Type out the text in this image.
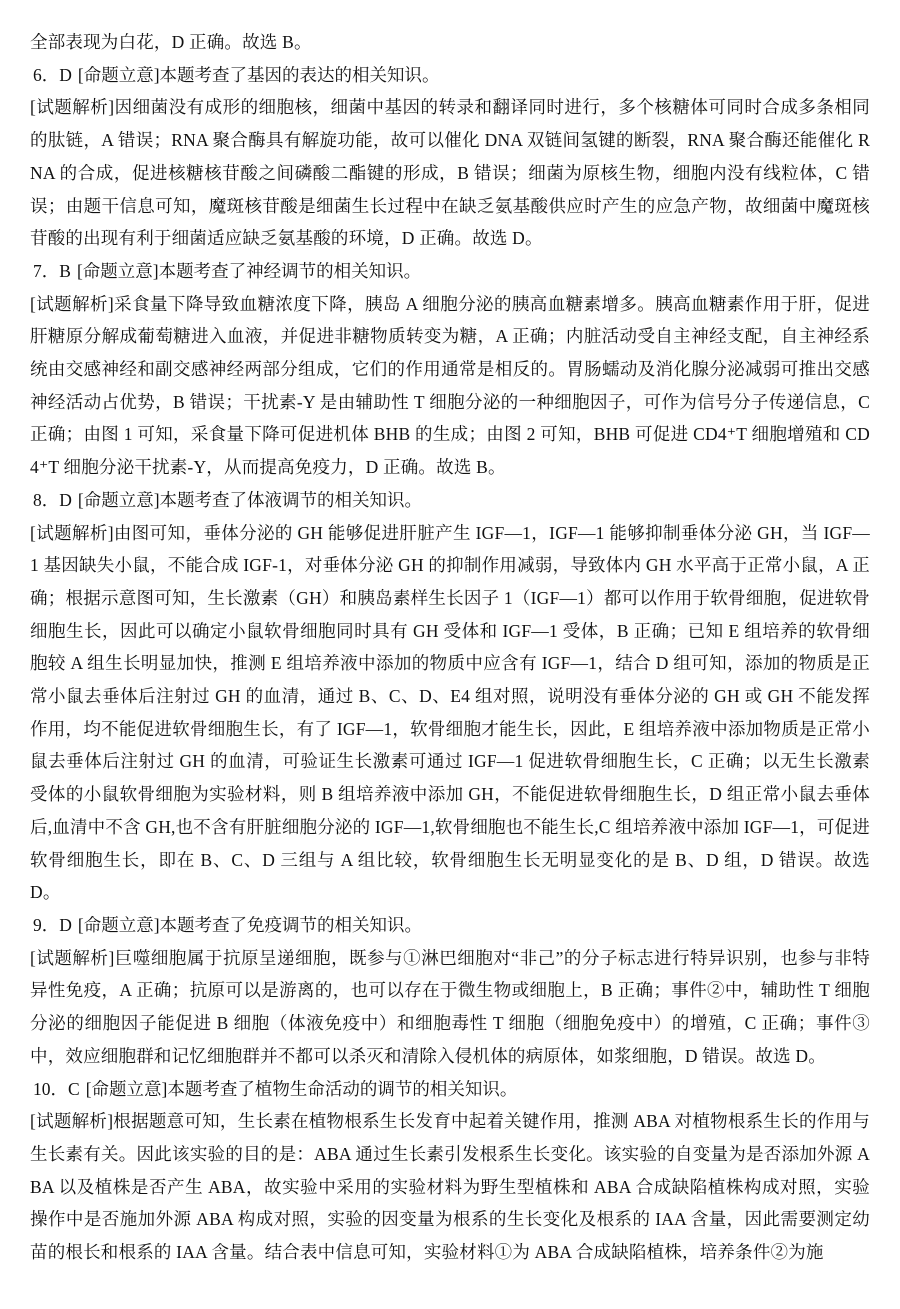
全部表现为白花，D 正确。故选 B。

6．D [命题立意]本题考查了基因的表达的相关知识。

[试题解析]因细菌没有成形的细胞核，细菌中基因的转录和翻译同时进行，多个核糖体可同时合成多条相同的肽链，A 错误；RNA 聚合酶具有解旋功能，故可以催化 DNA 双链间氢键的断裂，RNA 聚合酶还能催化 RNA 的合成，促进核糖核苷酸之间磷酸二酯键的形成，B 错误；细菌为原核生物，细胞内没有线粒体，C 错误；由题干信息可知，魔斑核苷酸是细菌生长过程中在缺乏氨基酸供应时产生的应急产物，故细菌中魔斑核苷酸的出现有利于细菌适应缺乏氨基酸的环境，D 正确。故选 D。

7．B [命题立意]本题考查了神经调节的相关知识。

[试题解析]采食量下降导致血糖浓度下降，胰岛 A 细胞分泌的胰高血糖素增多。胰高血糖素作用于肝，促进肝糖原分解成葡萄糖进入血液，并促进非糖物质转变为糖，A 正确；内脏活动受自主神经支配，自主神经系统由交感神经和副交感神经两部分组成，它们的作用通常是相反的。胃肠蠕动及消化腺分泌减弱可推出交感神经活动占优势，B 错误；干扰素-Y 是由辅助性 T 细胞分泌的一种细胞因子，可作为信号分子传递信息，C 正确；由图 1 可知，采食量下降可促进机体 BHB 的生成；由图 2 可知，BHB 可促进 CD4⁺T 细胞增殖和 CD4⁺T 细胞分泌干扰素-Y，从而提高免疫力，D 正确。故选 B。

8．D [命题立意]本题考查了体液调节的相关知识。

[试题解析]由图可知，垂体分泌的 GH 能够促进肝脏产生 IGF—1，IGF—1 能够抑制垂体分泌 GH，当 IGF—1 基因缺失小鼠，不能合成 IGF-1，对垂体分泌 GH 的抑制作用减弱，导致体内 GH 水平高于正常小鼠，A 正确；根据示意图可知，生长激素（GH）和胰岛素样生长因子 1（IGF—1）都可以作用于软骨细胞，促进软骨细胞生长，因此可以确定小鼠软骨细胞同时具有 GH 受体和 IGF—1 受体，B 正确；已知 E 组培养的软骨细胞较 A 组生长明显加快，推测 E 组培养液中添加的物质中应含有 IGF—1，结合 D 组可知，添加的物质是正常小鼠去垂体后注射过 GH 的血清，通过 B、C、D、E4 组对照，说明没有垂体分泌的 GH 或 GH 不能发挥作用，均不能促进软骨细胞生长，有了 IGF—1，软骨细胞才能生长，因此，E 组培养液中添加物质是正常小鼠去垂体后注射过 GH 的血清，可验证生长激素可通过 IGF—1 促进软骨细胞生长，C 正确；以无生长激素受体的小鼠软骨细胞为实验材料，则 B 组培养液中添加 GH，不能促进软骨细胞生长，D 组正常小鼠去垂体后,血清中不含 GH,也不含有肝脏细胞分泌的 IGF—1,软骨细胞也不能生长,C 组培养液中添加 IGF—1，可促进软骨细胞生长，即在 B、C、D 三组与 A 组比较，软骨细胞生长无明显变化的是 B、D 组，D 错误。故选 D。

9．D [命题立意]本题考查了免疫调节的相关知识。

[试题解析]巨噬细胞属于抗原呈递细胞，既参与①淋巴细胞对“非己”的分子标志进行特异识别，也参与非特异性免疫，A 正确；抗原可以是游离的，也可以存在于微生物或细胞上，B 正确；事件②中，辅助性 T 细胞分泌的细胞因子能促进 B 细胞（体液免疫中）和细胞毒性 T 细胞（细胞免疫中）的增殖，C 正确；事件③中，效应细胞群和记忆细胞群并不都可以杀灭和清除入侵机体的病原体，如浆细胞，D 错误。故选 D。

10．C [命题立意]本题考查了植物生命活动的调节的相关知识。

[试题解析]根据题意可知，生长素在植物根系生长发育中起着关键作用，推测 ABA 对植物根系生长的作用与生长素有关。因此该实验的目的是：ABA 通过生长素引发根系生长变化。该实验的自变量为是否添加外源 ABA 以及植株是否产生 ABA，故实验中采用的实验材料为野生型植株和 ABA 合成缺陷植株构成对照，实验操作中是否施加外源 ABA 构成对照，实验的因变量为根系的生长变化及根系的 IAA 含量，因此需要测定幼苗的根长和根系的 IAA 含量。结合表中信息可知，实验材料①为 ABA 合成缺陷植株，培养条件②为施
